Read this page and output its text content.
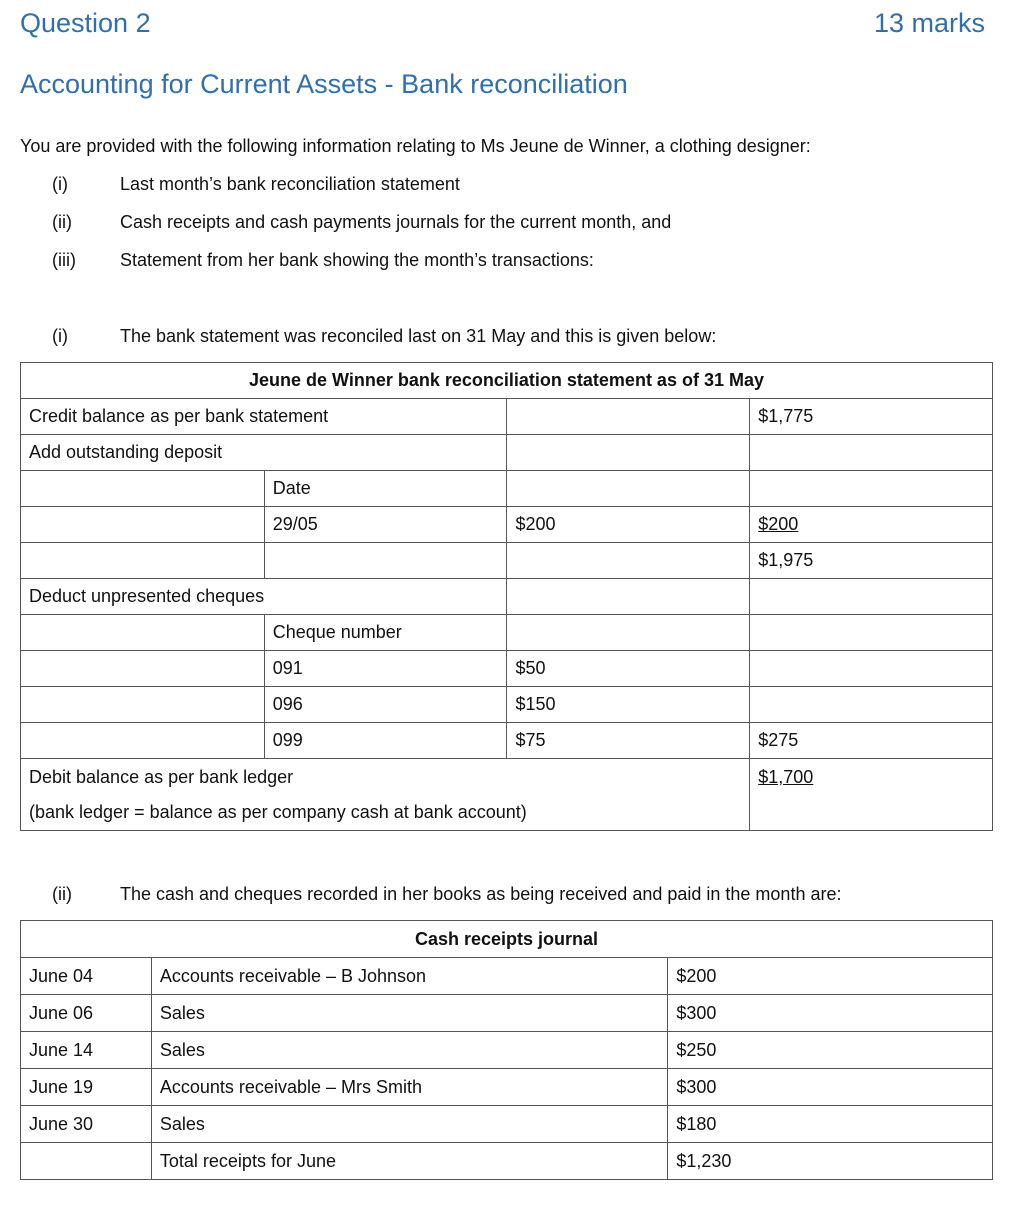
Question 2	13 marks
Accounting for Current Assets - Bank reconciliation
You are provided with the following information relating to Ms Jeune de Winner, a clothing designer:
(i)	Last month’s bank reconciliation statement
(ii)	Cash receipts and cash payments journals for the current month, and
(iii) Statement from her bank showing the month’s transactions:
(i)	The bank statement was reconciled last on 31 May and this is given below:
Jeune de Winner bank reconciliation statement as of 31 May			
Credit balance as per bank statement			$1,775
Add outstanding deposit			
	Date		
	29/05	$200	$200
			$1,975
Deduct unpresented cheques			
	Cheque number		
	091	$50	
	096	$150	
	099	$75	$275

Debit balance as per bank ledger
(bank ledger = balance as per company cash at bank account)			$1,700
(ii)	The cash and cheques recorded in her books as being received and paid in the month are:
Cash receipts journal		
June 04	Accounts receivable – B Johnson	$200
June 06	Sales	$300
June 14	Sales	$250
June 19	Accounts receivable – Mrs Smith	$300
June 30	Sales	$180
	Total receipts for June	$1,230
